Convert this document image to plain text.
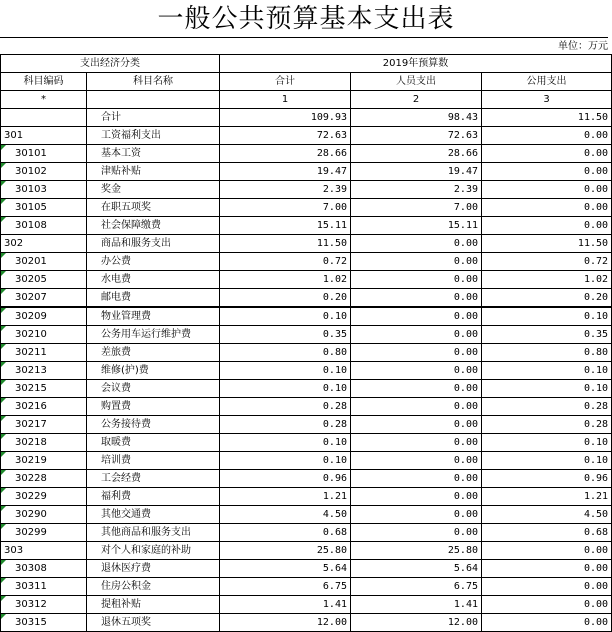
一般公共预算基本支出表
单位：万元
支出经济分类		2019年预算数		
科目编码	科目名称	合计	人员支出	公用支出
*		1	2	3
	合计	109.93	98.43	11.50
301	工资福利支出	72.63	72.63	0.00

30101	基本工资	28.66	28.66	0.00

30102	津贴补贴	19.47	19.47	0.00

30103	奖金	2.39	2.39	0.00

30105	在职五项奖	7.00	7.00	0.00

30108	社会保障缴费	15.11	15.11	0.00
302	商品和服务支出	11.50	0.00	11.50

30201	办公费	0.72	0.00	0.72

30205	水电费	1.02	0.00	1.02

30207	邮电费	0.20	0.00	0.20

30209	物业管理费	0.10	0.00	0.10

30210	公务用车运行维护费	0.35	0.00	0.35

30211	差旅费	0.80	0.00	0.80

30213	维修(护)费	0.10	0.00	0.10

30215	会议费	0.10	0.00	0.10

30216	购置费	0.28	0.00	0.28

30217	公务接待费	0.28	0.00	0.28

30218	取暖费	0.10	0.00	0.10

30219	培训费	0.10	0.00	0.10

30228	工会经费	0.96	0.00	0.96

30229	福利费	1.21	0.00	1.21

30290	其他交通费	4.50	0.00	4.50

30299	其他商品和服务支出	0.68	0.00	0.68
303	对个人和家庭的补助	25.80	25.80	0.00

30308	退休医疗费	5.64	5.64	0.00

30311	住房公积金	6.75	6.75	0.00

30312	提租补贴	1.41	1.41	0.00

30315	退休五项奖	12.00	12.00	0.00
